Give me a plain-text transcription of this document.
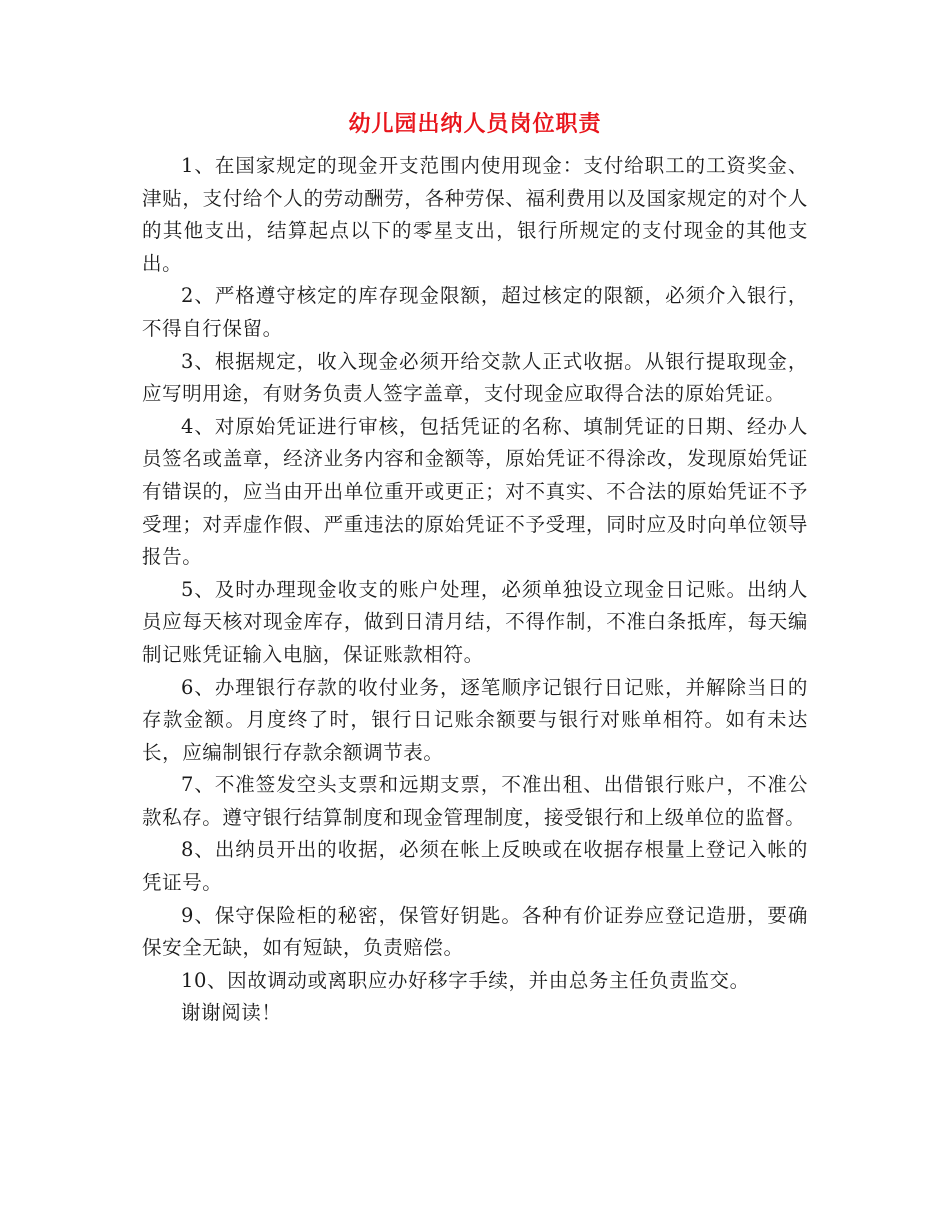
幼儿园出纳人员岗位职责

1、在国家规定的现金开支范围内使用现金：支付给职工的工资奖金、津贴，支付给个人的劳动酬劳，各种劳保、福利费用以及国家规定的对个人的其他支出，结算起点以下的零星支出，银行所规定的支付现金的其他支出。

2、严格遵守核定的库存现金限额，超过核定的限额，必须介入银行，不得自行保留。

3、根据规定，收入现金必须开给交款人正式收据。从银行提取现金，应写明用途，有财务负责人签字盖章，支付现金应取得合法的原始凭证。

4、对原始凭证进行审核，包括凭证的名称、填制凭证的日期、经办人员签名或盖章，经济业务内容和金额等，原始凭证不得涂改，发现原始凭证有错误的，应当由开出单位重开或更正；对不真实、不合法的原始凭证不予受理；对弄虚作假、严重违法的原始凭证不予受理，同时应及时向单位领导报告。

5、及时办理现金收支的账户处理，必须单独设立现金日记账。出纳人员应每天核对现金库存，做到日清月结，不得作制，不准白条抵库，每天编制记账凭证输入电脑，保证账款相符。

6、办理银行存款的收付业务，逐笔顺序记银行日记账，并解除当日的存款金额。月度终了时，银行日记账余额要与银行对账单相符。如有未达长，应编制银行存款余额调节表。

7、不准签发空头支票和远期支票，不准出租、出借银行账户，不准公款私存。遵守银行结算制度和现金管理制度，接受银行和上级单位的监督。

8、出纳员开出的收据，必须在帐上反映或在收据存根量上登记入帐的凭证号。

9、保守保险柜的秘密，保管好钥匙。各种有价证券应登记造册，要确保安全无缺，如有短缺，负责赔偿。

10、因故调动或离职应办好移字手续，并由总务主任负责监交。

谢谢阅读！
